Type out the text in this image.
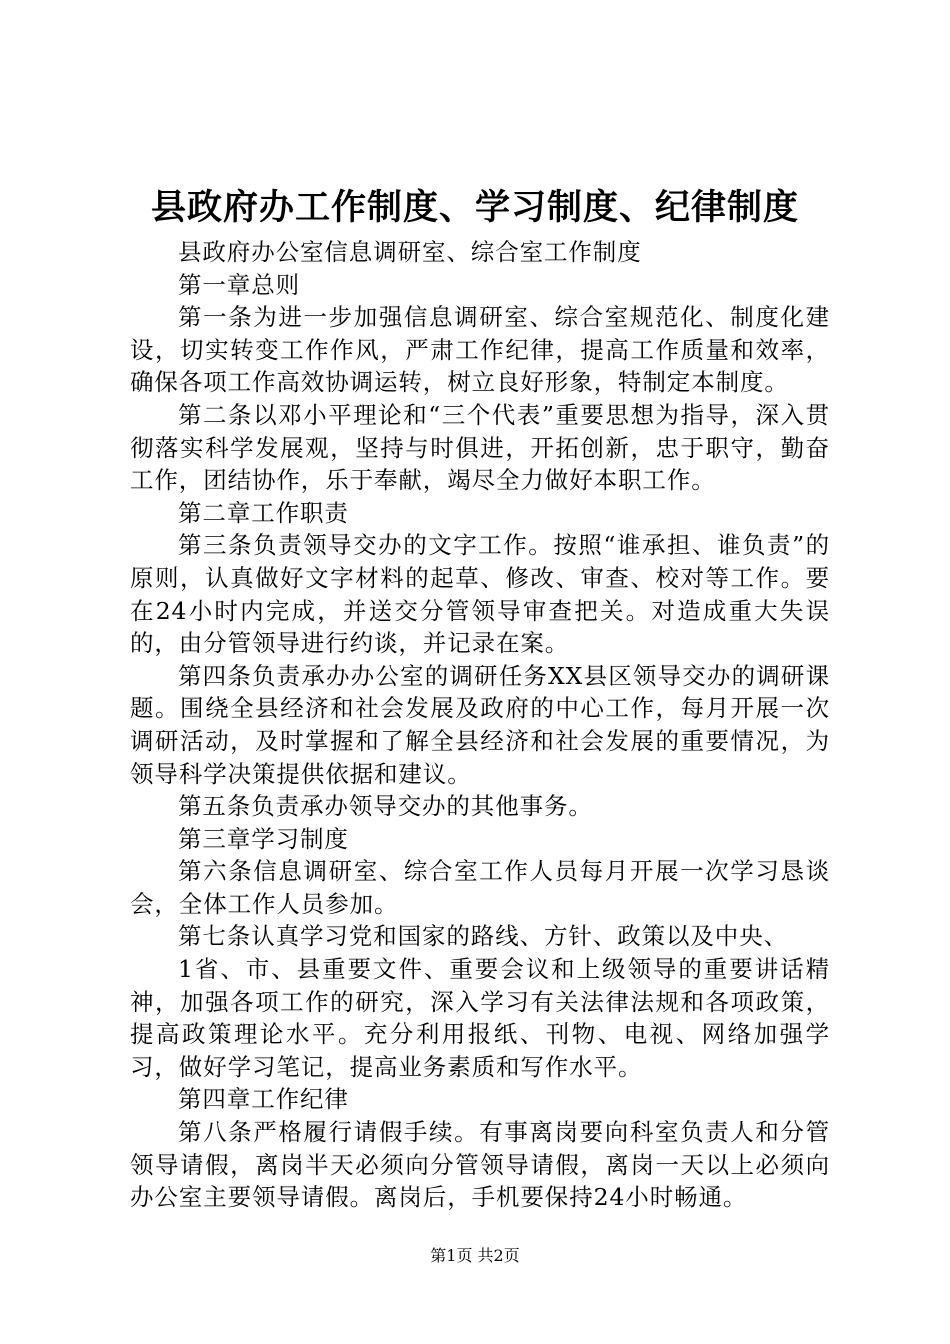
县政府办工作制度、学习制度、纪律制度

县政府办公室信息调研室、综合室工作制度

第一章总则

第一条为进一步加强信息调研室、综合室规范化、制度化建设，切实转变工作作风，严肃工作纪律，提高工作质量和效率，确保各项工作高效协调运转，树立良好形象，特制定本制度。

第二条以邓小平理论和“三个代表”重要思想为指导，深入贯彻落实科学发展观，坚持与时俱进，开拓创新，忠于职守，勤奋工作，团结协作，乐于奉献，竭尽全力做好本职工作。

第二章工作职责

第三条负责领导交办的文字工作。按照“谁承担、谁负责”的原则，认真做好文字材料的起草、修改、审查、校对等工作。要在24小时内完成，并送交分管领导审查把关。对造成重大失误的，由分管领导进行约谈，并记录在案。

第四条负责承办办公室的调研任务XX县区领导交办的调研课题。围绕全县经济和社会发展及政府的中心工作，每月开展一次调研活动，及时掌握和了解全县经济和社会发展的重要情况，为领导科学决策提供依据和建议。

第五条负责承办领导交办的其他事务。

第三章学习制度

第六条信息调研室、综合室工作人员每月开展一次学习恳谈会，全体工作人员参加。

第七条认真学习党和国家的路线、方针、政策以及中央、

1省、市、县重要文件、重要会议和上级领导的重要讲话精神，加强各项工作的研究，深入学习有关法律法规和各项政策，提高政策理论水平。充分利用报纸、刊物、电视、网络加强学习，做好学习笔记，提高业务素质和写作水平。

第四章工作纪律

第八条严格履行请假手续。有事离岗要向科室负责人和分管领导请假，离岗半天必须向分管领导请假，离岗一天以上必须向办公室主要领导请假。离岗后，手机要保持24小时畅通。

第1页 共2页
